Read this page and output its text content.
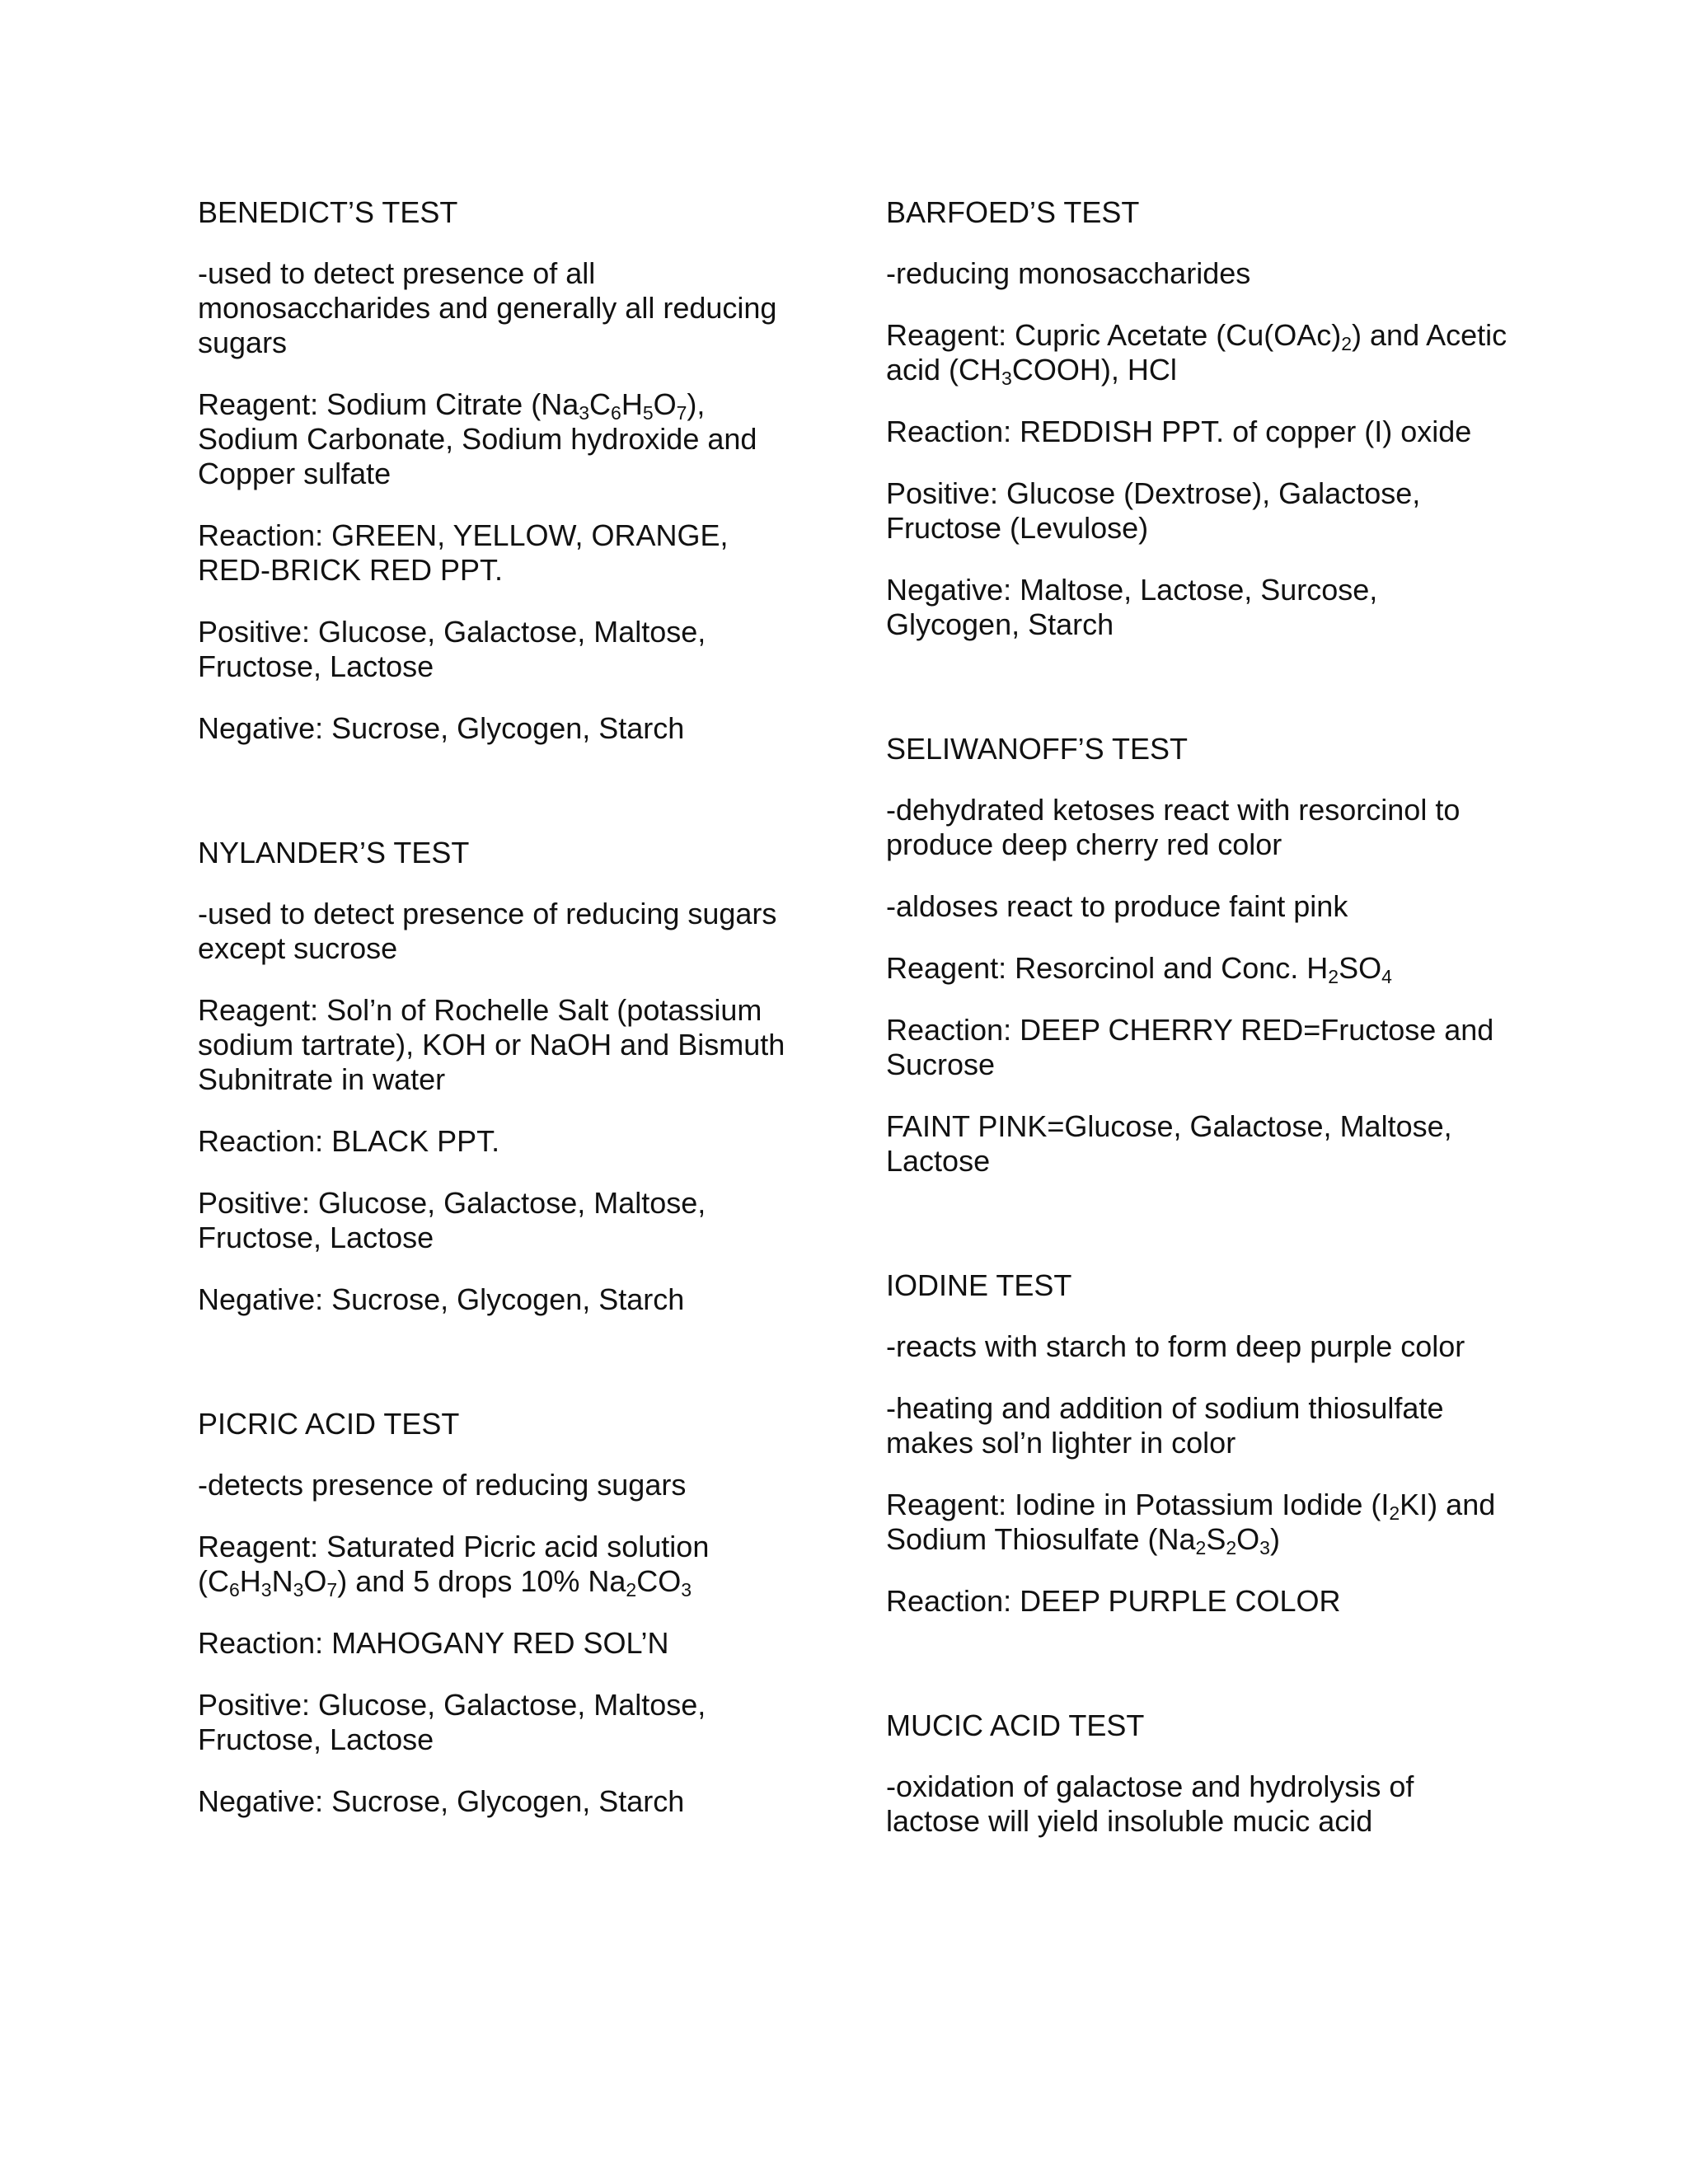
BENEDICT’S TEST

-used to detect presence of all monosaccharides and generally all reducing sugars

Reagent: Sodium Citrate $(Na_3C_6H_5O_7)$, Sodium Carbonate, Sodium hydroxide and Copper sulfate

Reaction: GREEN, YELLOW, ORANGE, RED-BRICK RED PPT.

Positive: Glucose, Galactose, Maltose, Fructose, Lactose

Negative: Sucrose, Glycogen, Starch

NYLANDER’S TEST

-used to detect presence of reducing sugars except sucrose

Reagent: Sol’n of Rochelle Salt (potassium sodium tartrate), KOH or NaOH and Bismuth Subnitrate in water

Reaction: BLACK PPT.

Positive: Glucose, Galactose, Maltose, Fructose, Lactose

Negative: Sucrose, Glycogen, Starch

PICRIC ACID TEST

-detects presence of reducing sugars

Reagent: Saturated Picric acid solution $(C_6H_3N_3O_7)$ and 5 drops 10% $Na_2CO_3$

Reaction: MAHOGANY RED SOL’N

Positive: Glucose, Galactose, Maltose, Fructose, Lactose

Negative: Sucrose, Glycogen, Starch

BARFOED’S TEST

-reducing monosaccharides

Reagent: Cupric Acetate $(Cu(OAc)_2)$ and Acetic acid $(CH_3COOH)$, HCl

Reaction: REDDISH PPT. of copper (I) oxide

Positive: Glucose (Dextrose), Galactose, Fructose (Levulose)

Negative: Maltose, Lactose, Surcose, Glycogen, Starch

SELIWANOFF’S TEST

-dehydrated ketoses react with resorcinol to produce deep cherry red color

-aldoses react to produce faint pink

Reagent: Resorcinol and Conc. $H_2SO_4$

Reaction: DEEP CHERRY RED=Fructose and Sucrose

FAINT PINK=Glucose, Galactose, Maltose, Lactose

IODINE TEST

-reacts with starch to form deep purple color

-heating and addition of sodium thiosulfate makes sol’n lighter in color

Reagent: Iodine in Potassium Iodide $(I_2KI)$ and Sodium Thiosulfate $(Na_2S_2O_3)$

Reaction: DEEP PURPLE COLOR

MUCIC ACID TEST

-oxidation of galactose and hydrolysis of lactose will yield insoluble mucic acid
